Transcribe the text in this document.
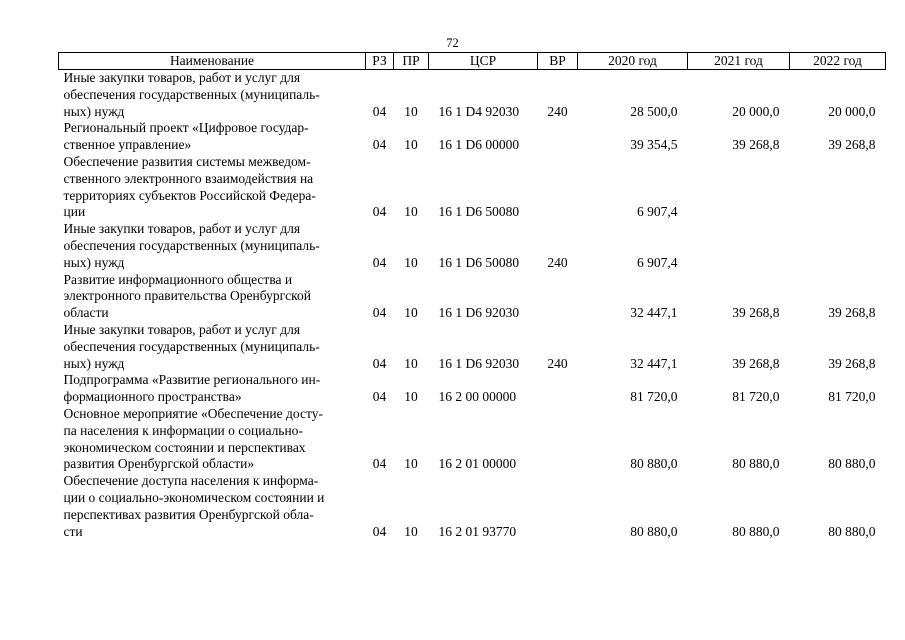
72
Наименование	РЗ	ПР	ЦСР	ВР	2020 год	2021 год	2022 год
Иные закупки товаров, работ и услуг для
обеспечения государственных (муниципаль-
ных) нужд	04	10	16 1 D4 92030	240	28 500,0	20 000,0	20 000,0
Региональный проект «Цифровое государ-
ственное управление»	04	10	16 1 D6 00000		39 354,5	39 268,8	39 268,8
Обеспечение развития системы межведом-
ственного электронного взаимодействия на
территориях субъектов Российской Федера-
ции	04	10	16 1 D6 50080		6 907,4		
Иные закупки товаров, работ и услуг для
обеспечения государственных (муниципаль-
ных) нужд	04	10	16 1 D6 50080	240	6 907,4		
Развитие информационного общества и
электронного правительства Оренбургской
области	04	10	16 1 D6 92030		32 447,1	39 268,8	39 268,8
Иные закупки товаров, работ и услуг для
обеспечения государственных (муниципаль-
ных) нужд	04	10	16 1 D6 92030	240	32 447,1	39 268,8	39 268,8
Подпрограмма «Развитие регионального ин-
формационного пространства»	04	10	16 2 00 00000		81 720,0	81 720,0	81 720,0
Основное мероприятие «Обеспечение досту-
па населения к информации о социально-
экономическом состоянии и перспективах
развития Оренбургской области»	04	10	16 2 01 00000		80 880,0	80 880,0	80 880,0
Обеспечение доступа населения к информа-
ции о социально-экономическом состоянии и
перспективах развития Оренбургской обла-
сти	04	10	16 2 01 93770		80 880,0	80 880,0	80 880,0
